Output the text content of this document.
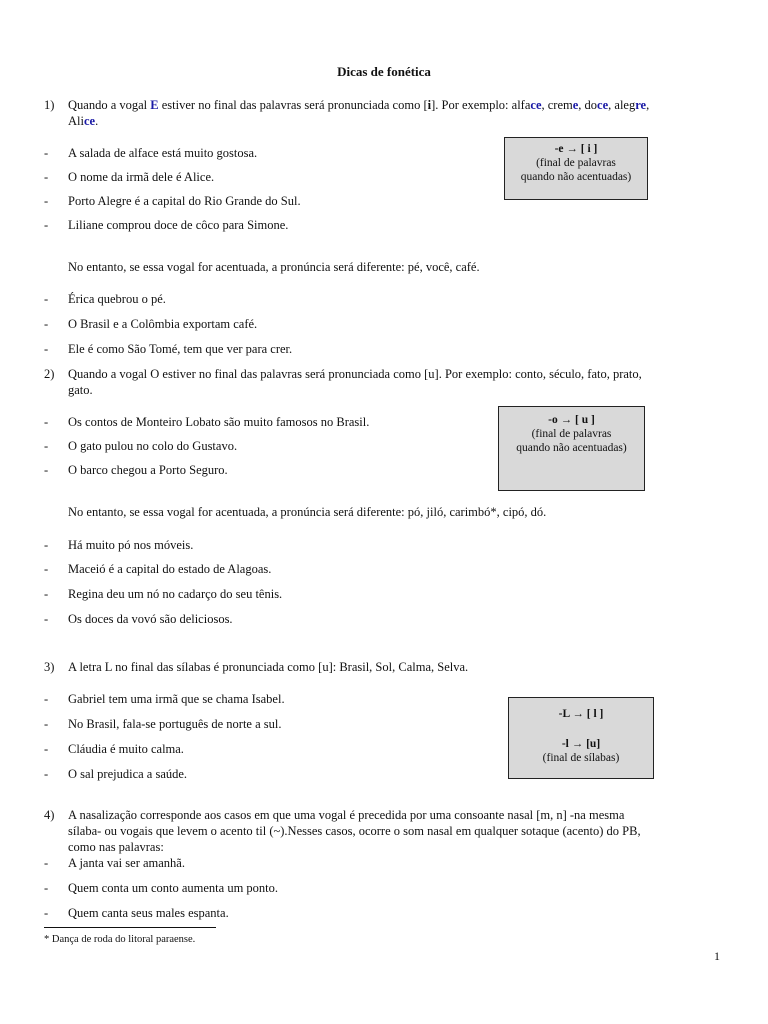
Dicas de fonética
1) Quando a vogal E estiver no final das palavras será pronunciada como [i]. Por exemplo: alface, creme, doce, alegre,
Alice.
-e → [ i ]
(final de palavras
quando não acentuadas)
- A salada de alface está muito gostosa.
- O nome da irmã dele é Alice.
- Porto Alegre é a capital do Rio Grande do Sul.
- Liliane comprou doce de côco para Simone.
No entanto, se essa vogal for acentuada, a pronúncia será diferente: pé, você, café.
- Érica quebrou o pé.
- O Brasil e a Colômbia exportam café.
- Ele é como São Tomé, tem que ver para crer.
2) Quando a vogal O estiver no final das palavras será pronunciada como [u]. Por exemplo: conto, século, fato, prato,
gato.
-o → [ u ]
(final de palavras
quando não acentuadas)
- Os contos de Monteiro Lobato são muito famosos no Brasil.
- O gato pulou no colo do Gustavo.
- O barco chegou a Porto Seguro.
No entanto, se essa vogal for acentuada, a pronúncia será diferente: pó, jiló, carimbó*, cipó, dó.
- Há muito pó nos móveis.
- Maceió é a capital do estado de Alagoas.
- Regina deu um nó no cadarço do seu tênis.
- Os doces da vovó são deliciosos.
3) A letra L no final das sílabas é pronunciada como [u]: Brasil, Sol, Calma, Selva.
-L → [ l ]
-l → [u]
(final de sílabas)
- Gabriel tem uma irmã que se chama Isabel.
- No Brasil, fala-se português de norte a sul.
- Cláudia é muito calma.
- O sal prejudica a saúde.
4) A nasalização corresponde aos casos em que uma vogal é precedida por uma consoante nasal [m, n] -na mesma
sílaba- ou vogais que levem o acento til (~).Nesses casos, ocorre o som nasal em qualquer sotaque (acento) do PB,
como nas palavras:
- A janta vai ser amanhã.
- Quem conta um conto aumenta um ponto.
- Quem canta seus males espanta.
* Dança de roda do litoral paraense.
1
